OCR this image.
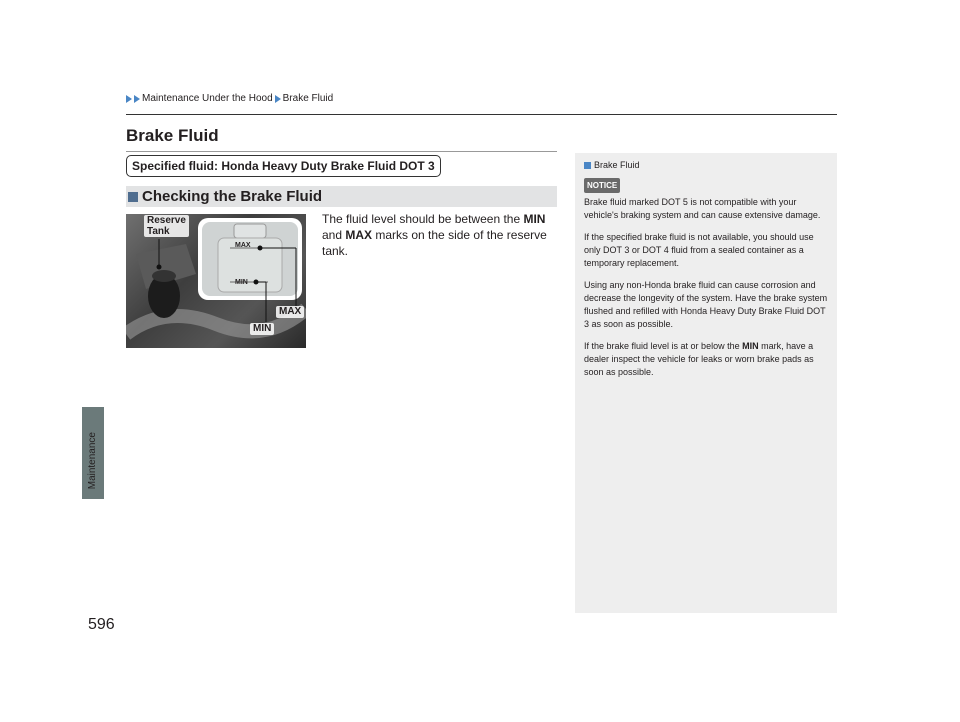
Maintenance Under the Hood Brake Fluid
Brake Fluid
Specified fluid: Honda Heavy Duty Brake Fluid DOT 3
Checking the Brake Fluid
MAX
MIN
Reserve
Tank
MAX
MIN

The fluid level should be between the MIN and MAX marks on the side of the reserve tank.

Brake Fluid
NOTICE

Brake fluid marked DOT 5 is not compatible with your vehicle's braking system and can cause extensive damage.

If the specified brake fluid is not available, you should use only DOT 3 or DOT 4 fluid from a sealed container as a temporary replacement.

Using any non-Honda brake fluid can cause corrosion and decrease the longevity of the system. Have the brake system flushed and refilled with Honda Heavy Duty Brake Fluid DOT 3 as soon as possible.

If the brake fluid level is at or below the MIN mark, have a dealer inspect the vehicle for leaks or worn brake pads as soon as possible.

Maintenance
596
